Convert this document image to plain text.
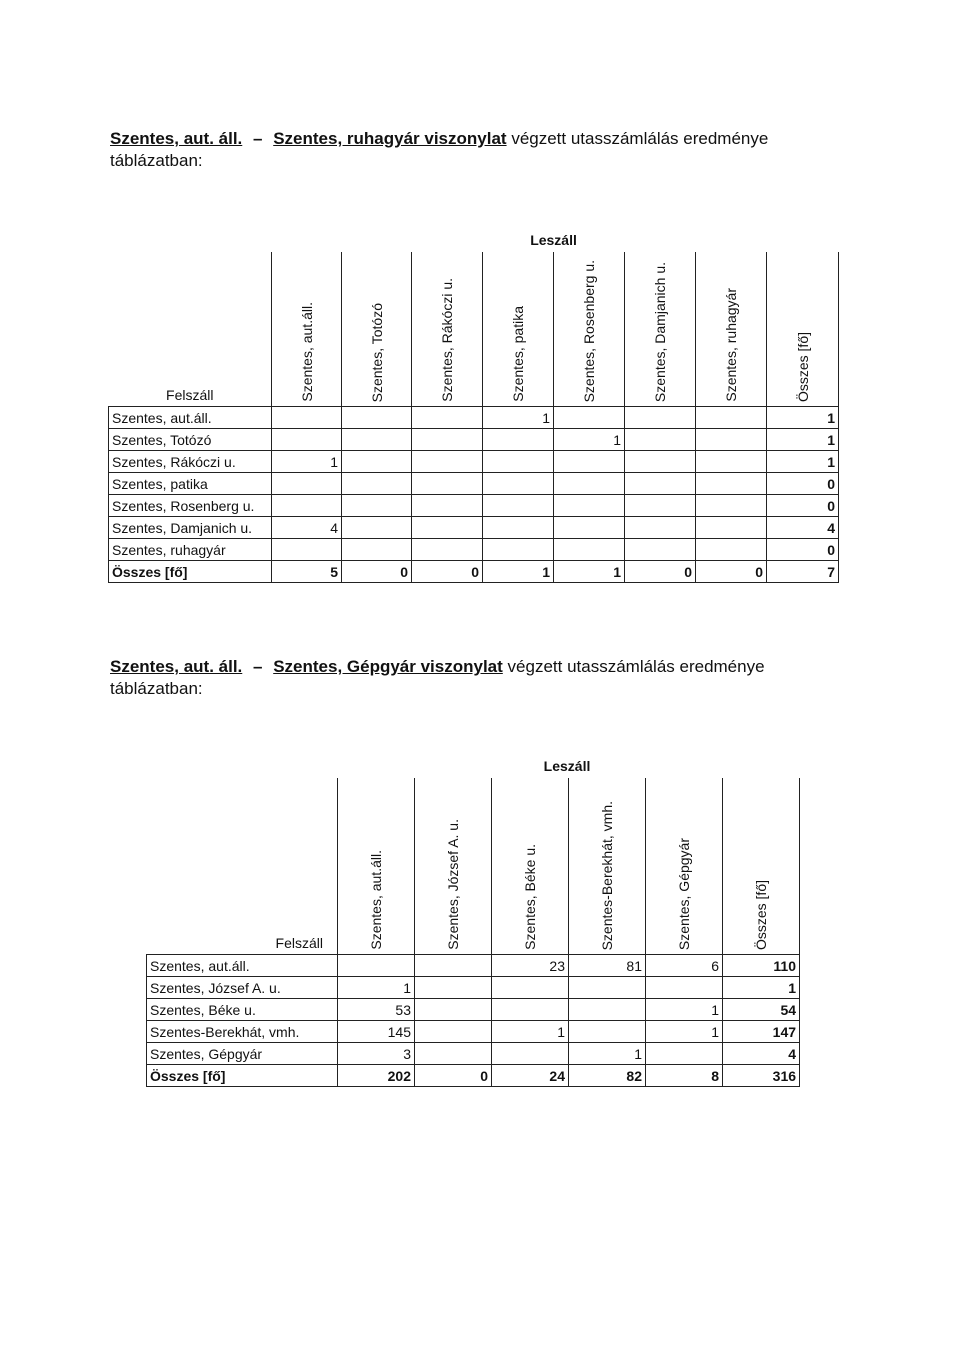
Szentes, aut. áll. – Szentes, ruhagyár viszonylat végzett utasszámlálás eredménye
táblázatban:
	Leszáll							

Felszáll	Szentes, aut.áll.	Szentes, Totózó	Szentes, Rákóczi u.	Szentes, patika	Szentes, Rosenberg u.	Szentes, Damjanich u.	Szentes, ruhagyár	Összes [fő]

Szentes, aut.áll.				1				1
Szentes, Totózó					1			1
Szentes, Rákóczi u.	1							1
Szentes, patika								0
Szentes, Rosenberg u.								0
Szentes, Damjanich u.	4							4
Szentes, ruhagyár								0
Összes [fő]	5	0	0	1	1	0	0	7
Szentes, aut. áll. – Szentes, Gépgyár viszonylat végzett utasszámlálás eredménye
táblázatban:
	Leszáll					

Felszáll	Szentes, aut.áll.	Szentes, József A. u.	Szentes, Béke u.	Szentes-Berekhát, vmh.	Szentes, Gépgyár	Összes [fő]

Szentes, aut.áll.			23	81	6	110
Szentes, József A. u.	1					1
Szentes, Béke u.	53				1	54
Szentes-Berekhát, vmh.	145		1		1	147
Szentes, Gépgyár	3			1		4
Összes [fő]	202	0	24	82	8	316
